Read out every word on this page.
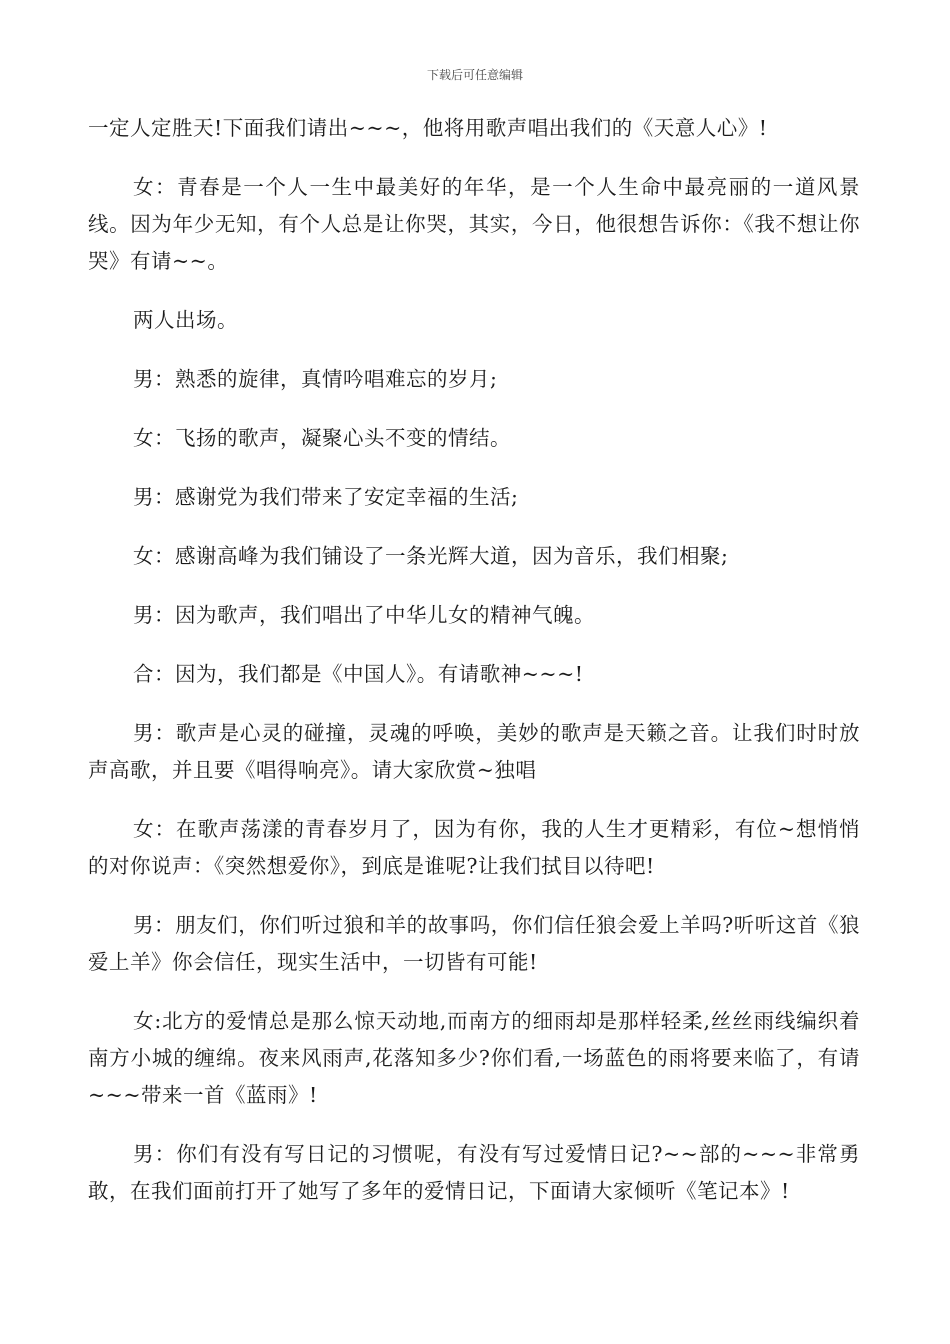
下载后可任意编辑

一定人定胜天!下面我们请出~~~，他将用歌声唱出我们的《天意人心》!

女：青春是一个人一生中最美好的年华，是一个人生命中最亮丽的一道风景线。因为年少无知，有个人总是让你哭，其实，今日，他很想告诉你：《我不想让你哭》有请~~。

两人出场。

男：熟悉的旋律，真情吟唱难忘的岁月;

女：飞扬的歌声，凝聚心头不变的情结。

男：感谢党为我们带来了安定幸福的生活;

女：感谢高峰为我们铺设了一条光辉大道，因为音乐，我们相聚;

男：因为歌声，我们唱出了中华儿女的精神气魄。

合：因为，我们都是《中国人》。有请歌神~~~!

男：歌声是心灵的碰撞，灵魂的呼唤，美妙的歌声是天籁之音。让我们时时放声高歌，并且要《唱得响亮》。请大家欣赏~独唱

女：在歌声荡漾的青春岁月了，因为有你，我的人生才更精彩，有位~想悄悄的对你说声：《突然想爱你》，到底是谁呢?让我们拭目以待吧!

男：朋友们，你们听过狼和羊的故事吗，你们信任狼会爱上羊吗?听听这首《狼爱上羊》你会信任，现实生活中，一切皆有可能!

女:北方的爱情总是那么惊天动地,而南方的细雨却是那样轻柔,丝丝雨线编织着南方小城的缠绵。夜来风雨声,花落知多少?你们看,一场蓝色的雨将要来临了，有请~~~带来一首《蓝雨》!

男：你们有没有写日记的习惯呢，有没有写过爱情日记?~~部的~~~非常勇敢，在我们面前打开了她写了多年的爱情日记，下面请大家倾听《笔记本》!
